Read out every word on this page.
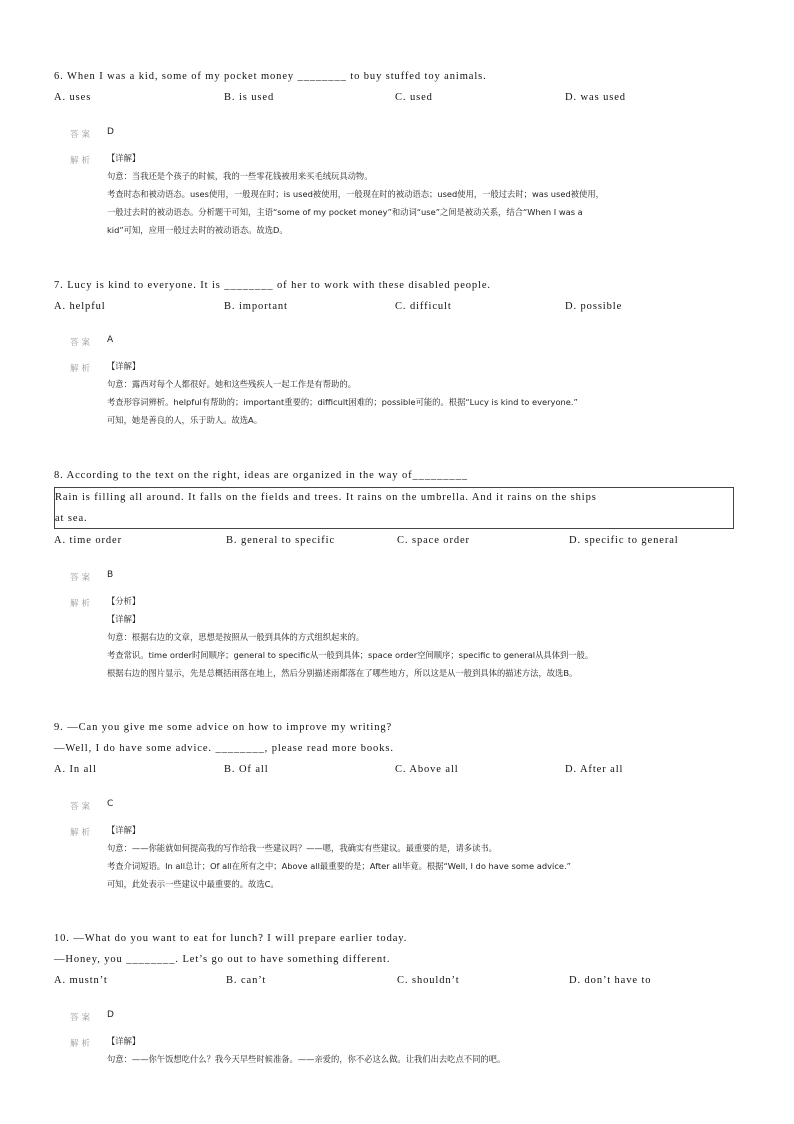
6. When I was a kid, some of my pocket money ________ to buy stuffed toy animals.
A. uses	B. is used	C. used	D. was used
答案 D
解析 【详解】
句意：当我还是个孩子的时候，我的一些零花钱被用来买毛绒玩具动物。
考查时态和被动语态。uses使用，一般现在时；is used被使用，一般现在时的被动语态；used使用，一般过去时；was used被使用，
一般过去时的被动语态。分析题干可知，主语“some of my pocket money”和动词“use”之间是被动关系，结合“When I was a
kid”可知，应用一般过去时的被动语态。故选D。
7. Lucy is kind to everyone. It is ________ of her to work with these disabled people.
A. helpful	B. important	C. difficult	D. possible
答案 A
解析 【详解】
句意：露西对每个人都很好。她和这些残疾人一起工作是有帮助的。
考查形容词辨析。helpful有帮助的；important重要的；difficult困难的；possible可能的。根据“Lucy is kind to everyone.”
可知，她是善良的人，乐于助人。故选A。
8. According to the text on the right, ideas are organized in the way of_________
Rain is filling all around. It falls on the fields and trees. It rains on the umbrella. And it rains on the ships
at sea.
A. time order	B. general to specific	C. space order	D. specific to general
答案 B
解析 【分析】
【详解】
句意：根据右边的文章，思想是按照从一般到具体的方式组织起来的。
考查常识。time order时间顺序；general to specific从一般到具体；space order空间顺序；specific to general从具体到一般。
根据右边的图片显示，先是总概括雨落在地上，然后分别描述雨都落在了哪些地方，所以这是从一般到具体的描述方法，故选B。
9. —Can you give me some advice on how to improve my writing?
—Well, I do have some advice. ________, please read more books.
A. In all	B. Of all	C. Above all	D. After all
答案 C
解析 【详解】
句意：——你能就如何提高我的写作给我一些建议吗？——嗯，我确实有些建议。最重要的是，请多读书。
考查介词短语。In all总计；Of all在所有之中；Above all最重要的是；After all毕竟。根据“Well, I do have some advice.”
可知，此处表示一些建议中最重要的。故选C。
10. —What do you want to eat for lunch? I will prepare earlier today.
—Honey, you ________. Let’s go out to have something different.
A. mustn’t	B. can’t	C. shouldn’t	D. don’t have to
答案 D
解析 【详解】
句意：——你午饭想吃什么？我今天早些时候准备。——亲爱的，你不必这么做。让我们出去吃点不同的吧。
